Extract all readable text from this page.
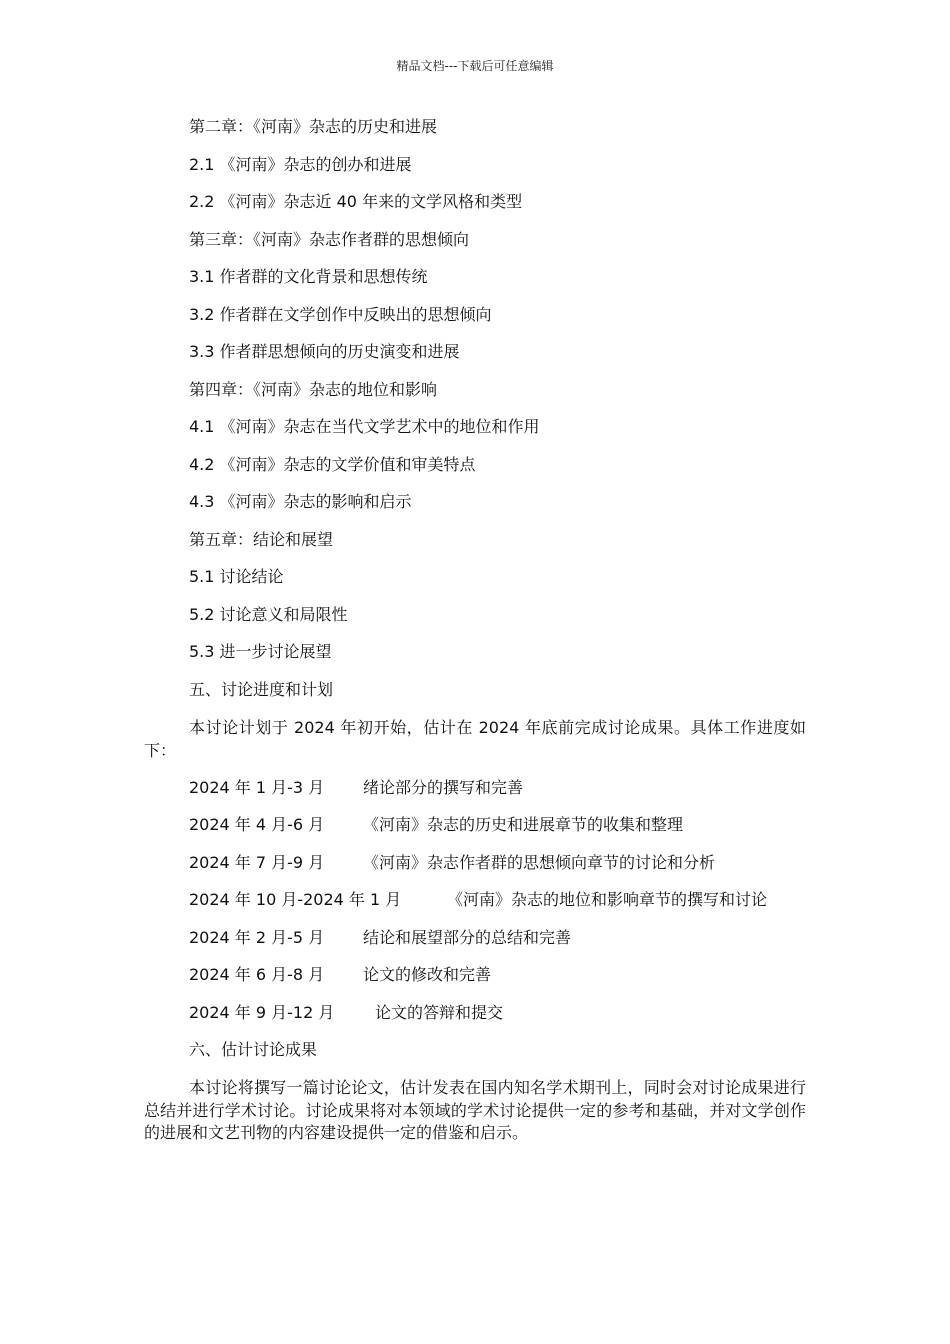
精品文档---下载后可任意编辑
第二章：《河南》杂志的历史和进展
2.1 《河南》杂志的创办和进展
2.2 《河南》杂志近 40 年来的文学风格和类型
第三章：《河南》杂志作者群的思想倾向
3.1 作者群的文化背景和思想传统
3.2 作者群在文学创作中反映出的思想倾向
3.3 作者群思想倾向的历史演变和进展
第四章：《河南》杂志的地位和影响
4.1 《河南》杂志在当代文学艺术中的地位和作用
4.2 《河南》杂志的文学价值和审美特点
4.3 《河南》杂志的影响和启示
第五章：结论和展望
5.1 讨论结论
5.2 讨论意义和局限性
5.3 进一步讨论展望
五、讨论进度和计划
本讨论计划于 2024 年初开始，估计在 2024 年底前完成讨论成果。具体工作进度如下：
2024 年 1 月-3 月 绪论部分的撰写和完善
2024 年 4 月-6 月 《河南》杂志的历史和进展章节的收集和整理
2024 年 7 月-9 月 《河南》杂志作者群的思想倾向章节的讨论和分析
2024 年 10 月-2024 年 1 月	《河南》杂志的地位和影响章节的撰写和讨论
2024 年 2 月-5 月 结论和展望部分的总结和完善
2024 年 6 月-8 月 论文的修改和完善
2024 年 9 月-12 月	论文的答辩和提交
六、估计讨论成果
本讨论将撰写一篇讨论论文，估计发表在国内知名学术期刊上，同时会对讨论成果进行总结并进行学术讨论。讨论成果将对本领域的学术讨论提供一定的参考和基础，并对文学创作的进展和文艺刊物的内容建设提供一定的借鉴和启示。
